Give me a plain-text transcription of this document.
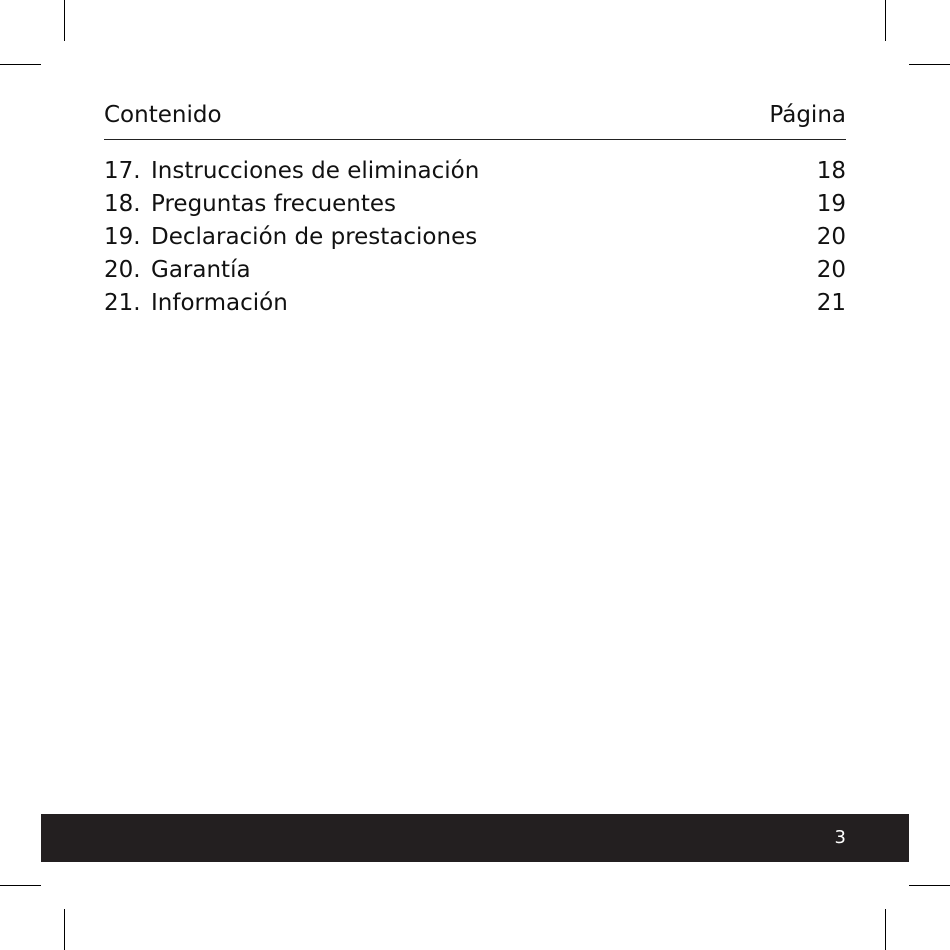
Contenido	Página
17. Instrucciones de eliminación	18
18. Preguntas frecuentes	19
19. Declaración de prestaciones	20
20. Garantía	20
21. Información	21
3
